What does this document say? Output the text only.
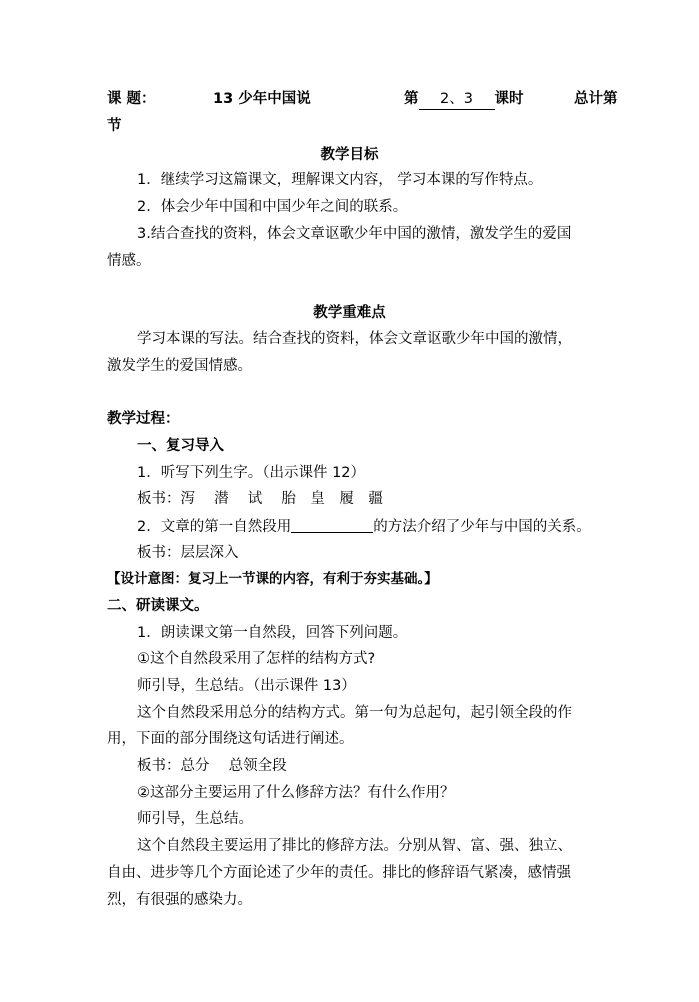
课 题：	13 少年中国说	第 2、3 课时	总计第
节
教学目标
1．继续学习这篇课文，理解课文内容， 学习本课的写作特点。
2．体会少年中国和中国少年之间的联系。
3.结合查找的资料，体会文章讴歌少年中国的激情，激发学生的爱国
情感。
教学重难点
学习本课的写法。结合查找的资料，体会文章讴歌少年中国的激情，
激发学生的爱国情感。
教学过程：
一、复习导入
1．听写下列生字。（出示课件 12）
板书：泻　 潜　 试　 胎　皇　履　疆
2．文章的第一自然段用	的方法介绍了少年与中国的关系。
板书：层层深入
【设计意图：复习上一节课的内容，有利于夯实基础。】
二、研读课文。
1．朗读课文第一自然段，回答下列问题。
①这个自然段采用了怎样的结构方式?
师引导，生总结。（出示课件 13）
这个自然段采用总分的结构方式。第一句为总起句，起引领全段的作
用，下面的部分围绕这句话进行阐述。
板书：总分　 总领全段
②这部分主要运用了什么修辞方法？有什么作用？
师引导，生总结。
这个自然段主要运用了排比的修辞方法。分别从智、富、强、独立、
自由、进步等几个方面论述了少年的责任。排比的修辞语气紧凑，感情强
烈，有很强的感染力。
